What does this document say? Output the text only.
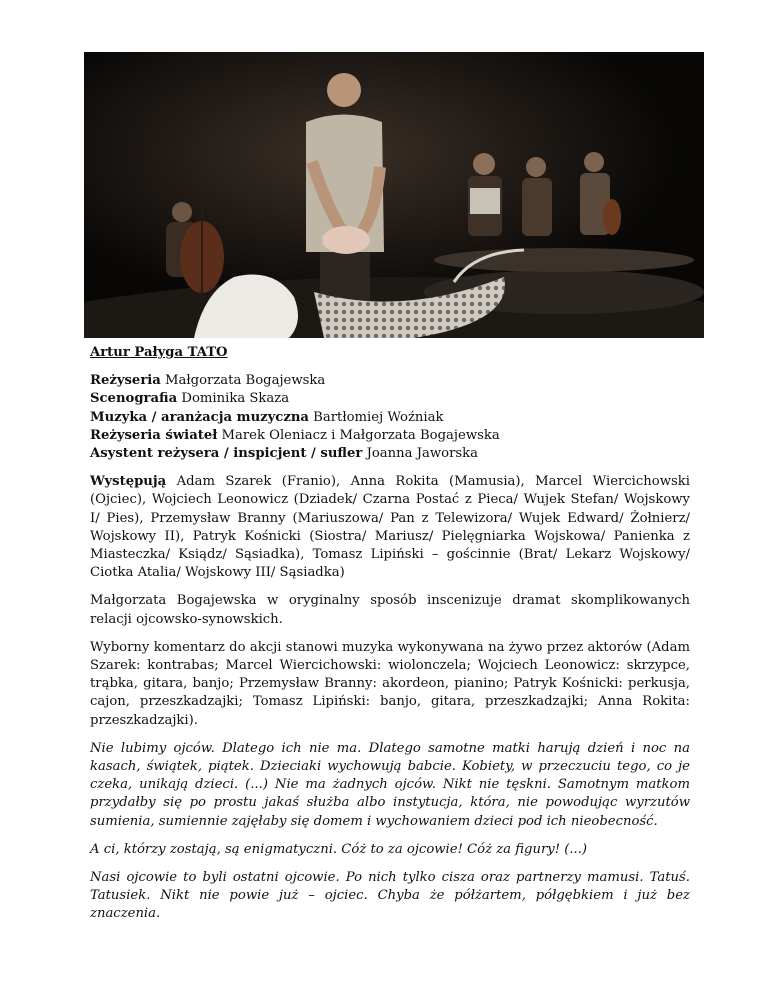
Artur Pałyga TATO

Reżyseria Małgorzata Bogajewska
Scenografia Dominika Skaza
Muzyka / aranżacja muzyczna Bartłomiej Woźniak
Reżyseria świateł Marek Oleniacz i Małgorzata Bogajewska
Asystent reżysera / inspicjent / sufler Joanna Jaworska

Występują Adam Szarek (Franio), Anna Rokita (Mamusia), Marcel Wiercichowski (Ojciec), Wojciech Leonowicz (Dziadek/ Czarna Postać z Pieca/ Wujek Stefan/ Wojskowy I/ Pies), Przemysław Branny (Mariuszowa/ Pan z Telewizora/ Wujek Edward/ Żołnierz/ Wojskowy II), Patryk Kośnicki (Siostra/ Mariusz/ Pielęgniarka Wojskowa/ Panienka z Miasteczka/ Ksiądz/ Sąsiadka), Tomasz Lipiński – gościnnie (Brat/ Lekarz Wojskowy/ Ciotka Atalia/ Wojskowy III/ Sąsiadka)

Małgorzata Bogajewska w oryginalny sposób inscenizuje dramat skomplikowanych relacji ojcowsko-synowskich.

Wyborny komentarz do akcji stanowi muzyka wykonywana na żywo przez aktorów (Adam Szarek: kontrabas; Marcel Wiercichowski: wiolonczela; Wojciech Leonowicz: skrzypce, trąbka, gitara, banjo; Przemysław Branny: akordeon, pianino; Patryk Kośnicki: perkusja, cajon, przeszkadzajki; Tomasz Lipiński: banjo, gitara, przeszkadzajki; Anna Rokita: przeszkadzajki).

Nie lubimy ojców. Dlatego ich nie ma. Dlatego samotne matki harują dzień i noc na kasach, świątek, piątek. Dzieciaki wychowują babcie. Kobiety, w przeczuciu tego, co je czeka, unikają dzieci. (...) Nie ma żadnych ojców. Nikt nie tęskni. Samotnym matkom przydałby się po prostu jakaś służba albo instytucja, która, nie powodując wyrzutów sumienia, sumiennie zajęłaby się domem i wychowaniem dzieci pod ich nieobecność.

A ci, którzy zostają, są enigmatyczni. Cóż to za ojcowie! Cóż za figury! (...)

Nasi ojcowie to byli ostatni ojcowie. Po nich tylko cisza oraz partnerzy mamusi. Tatuś. Tatusiek. Nikt nie powie już – ojciec. Chyba że półżartem, półgębkiem i już bez znaczenia.
